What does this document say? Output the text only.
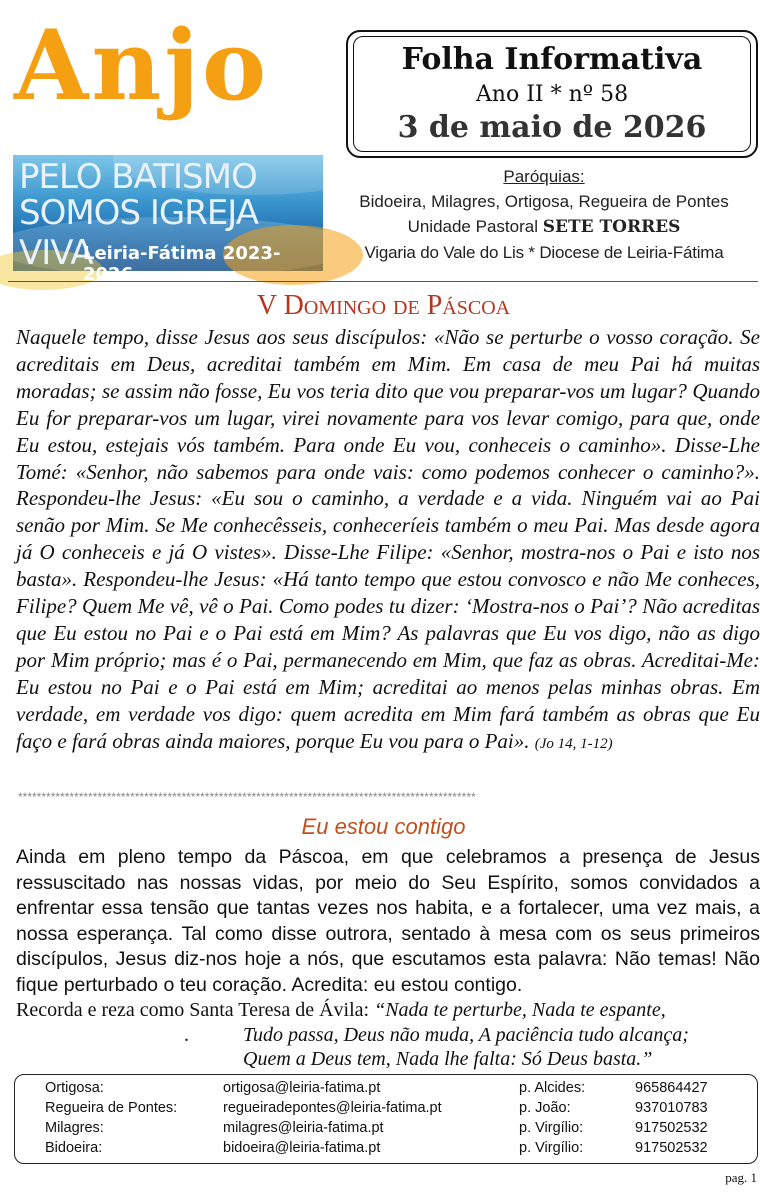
Anjo
PELO BATISMO
SOMOS IGREJA VIVA
Leiria-Fátima 2023-2026
Folha Informativa
Ano II * nº 58
3 de maio de 2026
Paróquias:
Bidoeira, Milagres, Ortigosa, Regueira de Pontes
Unidade Pastoral SETE TORRES
Vigaria do Vale do Lis * Diocese de Leiria-Fátima
V Domingo de Páscoa
Naquele tempo, disse Jesus aos seus discípulos: «Não se perturbe o vosso coração. Se acreditais em Deus, acreditai também em Mim. Em casa de meu Pai há muitas moradas; se assim não fosse, Eu vos teria dito que vou preparar-vos um lugar? Quando Eu for preparar-vos um lugar, virei novamente para vos levar comigo, para que, onde Eu estou, estejais vós também. Para onde Eu vou, conheceis o caminho». Disse-Lhe Tomé: «Senhor, não sabemos para onde vais: como podemos conhecer o caminho?». Respondeu-lhe Jesus: «Eu sou o caminho, a verdade e a vida. Ninguém vai ao Pai senão por Mim. Se Me conhecêsseis, conheceríeis também o meu Pai. Mas desde agora já O conheceis e já O vistes». Disse-Lhe Filipe: «Senhor, mostra-nos o Pai e isto nos basta». Respondeu-lhe Jesus: «Há tanto tempo que estou convosco e não Me conheces, Filipe? Quem Me vê, vê o Pai. Como podes tu dizer: ‘Mostra-nos o Pai’? Não acreditas que Eu estou no Pai e o Pai está em Mim? As palavras que Eu vos digo, não as digo por Mim próprio; mas é o Pai, permanecendo em Mim, que faz as obras. Acreditai-Me: Eu estou no Pai e o Pai está em Mim; acreditai ao menos pelas minhas obras. Em verdade, em verdade vos digo: quem acredita em Mim fará também as obras que Eu faço e fará obras ainda maiores, porque Eu vou para o Pai». (Jo 14, 1-12)
**************************************************************************************************
Eu estou contigo
Ainda em pleno tempo da Páscoa, em que celebramos a presença de Jesus ressuscitado nas nossas vidas, por meio do Seu Espírito, somos convidados a enfrentar essa tensão que tantas vezes nos habita, e a fortalecer, uma vez mais, a nossa esperança. Tal como disse outrora, sentado à mesa com os seus primeiros discípulos, Jesus diz-nos hoje a nós, que escutamos esta palavra: Não temas! Não fique perturbado o teu coração. Acredita: eu estou contigo.
Recorda e reza como Santa Teresa de Ávila: “Nada te perturbe, Nada te espante,
.	Tudo passa, Deus não muda, A paciência tudo alcança;
Quem a Deus tem, Nada lhe falta: Só Deus basta.”
Ortigosa:	ortigosa@leiria-fatima.pt	p. Alcides:	965864427
Regueira de Pontes:	regueiradepontes@leiria-fatima.pt	p. João:	937010783
Milagres:	milagres@leiria-fatima.pt	p. Virgílio:	917502532
Bidoeira:	bidoeira@leiria-fatima.pt	p. Virgílio:	917502532
pag. 1
